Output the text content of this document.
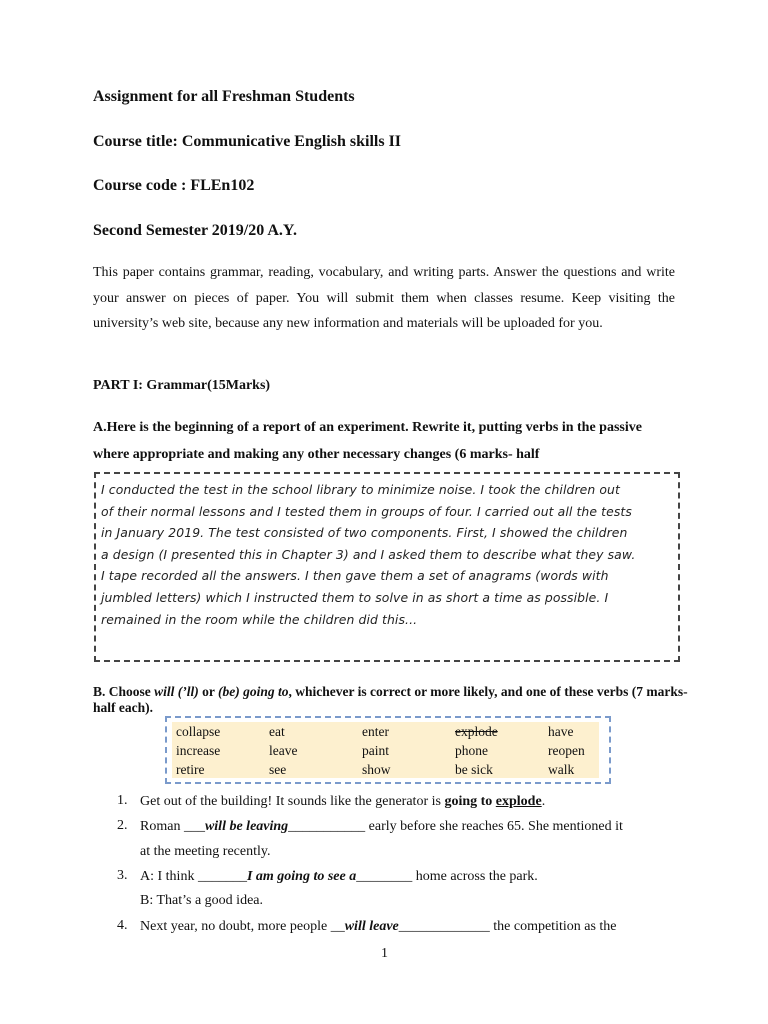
Assignment for all Freshman Students
Course title: Communicative English skills II
Course code : FLEn102
Second Semester 2019/20 A.Y.
This paper contains grammar, reading, vocabulary, and writing parts. Answer the questions and write your answer on pieces of paper. You will submit them when classes resume. Keep visiting the university’s web site, because any new information and materials will be uploaded for you.
PART I: Grammar(15Marks)
A.Here is the beginning of a report of an experiment. Rewrite it, putting verbs in the passive where appropriate and making any other necessary changes (6 marks- half
I conducted the test in the school library to minimize noise. I took the children out
of their normal lessons and I tested them in groups of four. I carried out all the tests
in January 2019. The test consisted of two components. First, I showed the children
a design (I presented this in Chapter 3) and I asked them to describe what they saw.
I tape recorded all the answers. I then gave them a set of anagrams (words with
jumbled letters) which I instructed them to solve in as short a time as possible. I
remained in the room while the children did this...
B. Choose will (’ll) or (be) going to, whichever is correct or more likely, and one of these verbs (7 marks- half each).
collapse	eat	enter	explode	have
increase	leave	paint	phone	reopen
retire	see	show	be sick	walk
1. Get out of the building! It sounds like the generator is going to explode.
2. Roman ___will be leaving___________ early before she reaches 65. She mentioned it
at the meeting recently.
3. A: I think _______I am going to see a________ home across the park.
B: That’s a good idea.
4. Next year, no doubt, more people __will leave_____________ the competition as the
1
